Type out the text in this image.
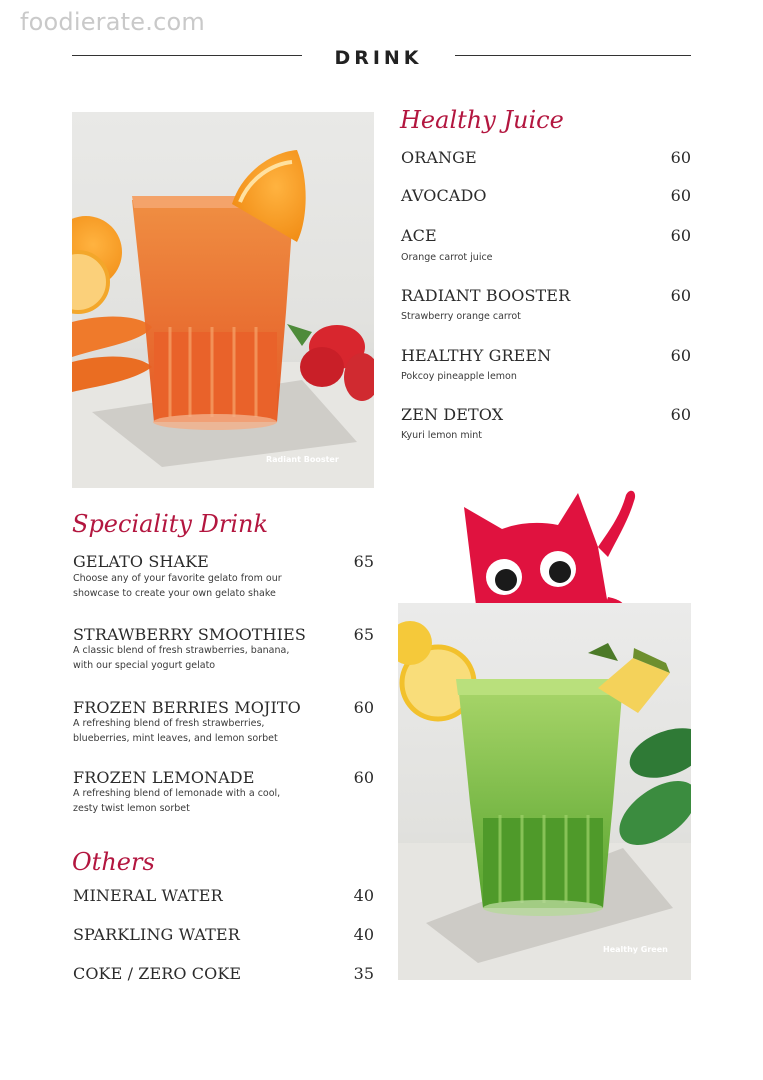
foodierate.com
DRINK
Radiant Booster
Healthy Juice
ORANGE	60
AVOCADO	60
ACE	60
Orange carrot juice
RADIANT BOOSTER	60
Strawberry orange carrot
HEALTHY GREEN	60
Pokcoy pineapple lemon
ZEN DETOX	60
Kyuri lemon mint
Speciality Drink
GELATO SHAKE	65
Choose any of your favorite gelato from our
showcase to create your own gelato shake
STRAWBERRY SMOOTHIES	65
A classic blend of fresh strawberries, banana,
with our special yogurt gelato
FROZEN BERRIES MOJITO	60
A refreshing blend of fresh strawberries,
blueberries, mint leaves, and lemon sorbet
FROZEN LEMONADE	60
A refreshing blend of lemonade with a cool,
zesty twist lemon sorbet
Others
MINERAL WATER	40
SPARKLING WATER	40
COKE / ZERO COKE	35
Healthy Green
